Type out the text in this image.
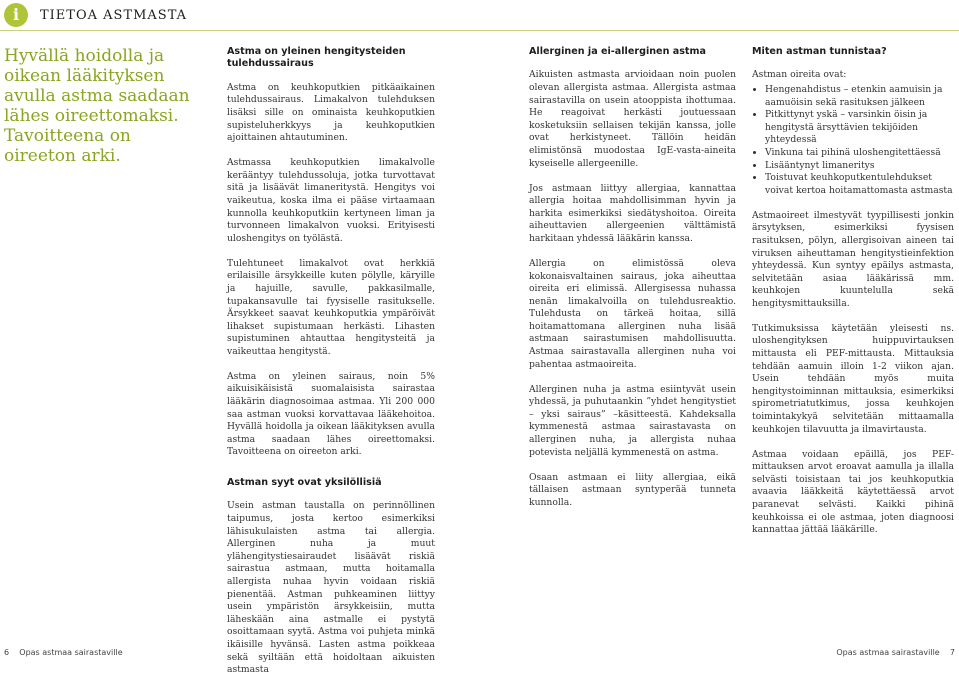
i	TIETOA ASTMASTA
Hyvällä hoidolla ja oikean lääkityksen avulla astma saadaan lähes oireettomaksi. Tavoitteena on oireeton arki.
Astma on yleinen hengitysteiden tulehdussairaus

Astma on keuhkoputkien pitkäaikainen tulehdussairaus. Limakalvon tulehduksen lisäksi sille on ominaista keuhkoputkien supisteluherkkyys ja keuhkoputkien ajoittainen ahtautuminen.

Astmassa keuhkoputkien limakalvolle kerääntyy tulehdussoluja, jotka turvottavat sitä ja lisäävät limaneritystä. Hengitys voi vaikeutua, koska ilma ei pääse virtaamaan kunnolla keuhkoputkiin kertyneen liman ja turvonneen limakalvon vuoksi. Erityisesti uloshengitys on työlästä.

Tulehtuneet limakalvot ovat herkkiä erilaisille ärsykkeille kuten pölylle, käryille ja hajuille, savulle, pakkasilmalle, tupakansavulle tai fyysiselle rasitukselle. Ärsykkeet saavat keuhkoputkia ympäröivät lihakset supistumaan herkästi. Lihasten supistuminen ahtauttaa hengitysteitä ja vaikeuttaa hengitystä.

Astma on yleinen sairaus, noin 5% aikuisikäisistä suomalaisista sairastaa lääkärin diagnosoimaa astmaa. Yli 200 000 saa astman vuoksi korvattavaa lääkehoitoa. Hyvällä hoidolla ja oikean lääkityksen avulla astma saadaan lähes oireettomaksi. Tavoitteena on oireeton arki.

Astman syyt ovat yksilöllisiä

Usein astman taustalla on perinnöllinen taipumus, josta kertoo esimerkiksi lähisukulaisten astma tai allergia. Allerginen nuha ja muut ylähengitystiesairaudet lisäävät riskiä sairastua astmaan, mutta hoitamalla allergista nuhaa hyvin voidaan riskiä pienentää. Astman puhkeaminen liittyy usein ympäristön ärsykkeisiin, mutta läheskään aina astmalle ei pystytä osoittamaan syytä. Astma voi puhjeta minkä ikäisille hyvänsä. Lasten astma poikkeaa sekä syiltään että hoidoltaan aikuisten astmasta

Allerginen ja ei-allerginen astma

Aikuisten astmasta arvioidaan noin puolen olevan allergista astmaa. Allergista astmaa sairastavilla on usein atooppista ihottumaa. He reagoivat herkästi joutuessaan kosketuksiin sellaisen tekijän kanssa, jolle ovat herkistyneet. Tällöin heidän elimistönsä muodostaa IgE-vasta-aineita kyseiselle allergeenille.

Jos astmaan liittyy allergiaa, kannattaa allergia hoitaa mahdollisimman hyvin ja harkita esimerkiksi siedätyshoitoa. Oireita aiheuttavien allergeenien välttämistä harkitaan yhdessä lääkärin kanssa.

Allergia on elimistössä oleva kokonaisvaltainen sairaus, joka aiheuttaa oireita eri elimissä. Allergisessa nuhassa nenän limakalvoilla on tulehdusreaktio. Tulehdusta on tärkeä hoitaa, sillä hoitamattomana allerginen nuha lisää astmaan sairastumisen mahdollisuutta. Astmaa sairastavalla allerginen nuha voi pahentaa astmaoireita.

Allerginen nuha ja astma esiintyvät usein yhdessä, ja puhutaankin ”yhdet hengitystiet – yksi sairaus” –käsitteestä. Kahdeksalla kymmenestä astmaa sairastavasta on allerginen nuha, ja allergista nuhaa potevista neljällä kymmenestä on astma.

Osaan astmaan ei liity allergiaa, eikä tällaisen astmaan syntyperää tunneta kunnolla.

Miten astman tunnistaa?

Astman oireita ovat:

• Hengenahdistus – etenkin aamuisin ja aamuöisin sekä rasituksen jälkeen
• Pitkittynyt yskä – varsinkin öisin ja hengitystä ärsyttävien tekijöiden yhteydessä
• Vinkuna tai pihinä uloshengitettäessä
• Lisääntynyt limaneritys
• Toistuvat keuhkoputkentulehdukset voivat kertoa hoitamattomasta astmasta

Astmaoireet ilmestyvät tyypillisesti jonkin ärsytyksen, esimerkiksi fyysisen rasituksen, pölyn, allergisoivan aineen tai viruksen aiheuttaman hengitystieinfektion yhteydessä. Kun syntyy epäilys astmasta, selvitetään asiaa lääkärissä mm. keuhkojen kuuntelulla sekä hengitysmittauksilla.

Tutkimuksissa käytetään yleisesti ns. uloshengityksen huippuvirtauksen mittausta eli PEF-mittausta. Mittauksia tehdään aamuin illoin 1-2 viikon ajan. Usein tehdään myös muita hengitystoiminnan mittauksia, esimerkiksi spirometriatutkimus, jossa keuhkojen toimintakykyä selvitetään mittaamalla keuhkojen tilavuutta ja ilmavirtausta.

Astmaa voidaan epäillä, jos PEF-mittauksen arvot eroavat aamulla ja illalla selvästi toisistaan tai jos keuhkoputkia avaavia lääkkeitä käytettäessä arvot paranevat selvästi. Kaikki pihinä keuhkoissa ei ole astmaa, joten diagnoosi kannattaa jättää lääkärille.

6 Opas astmaa sairastaville	Opas astmaa sairastaville 7
